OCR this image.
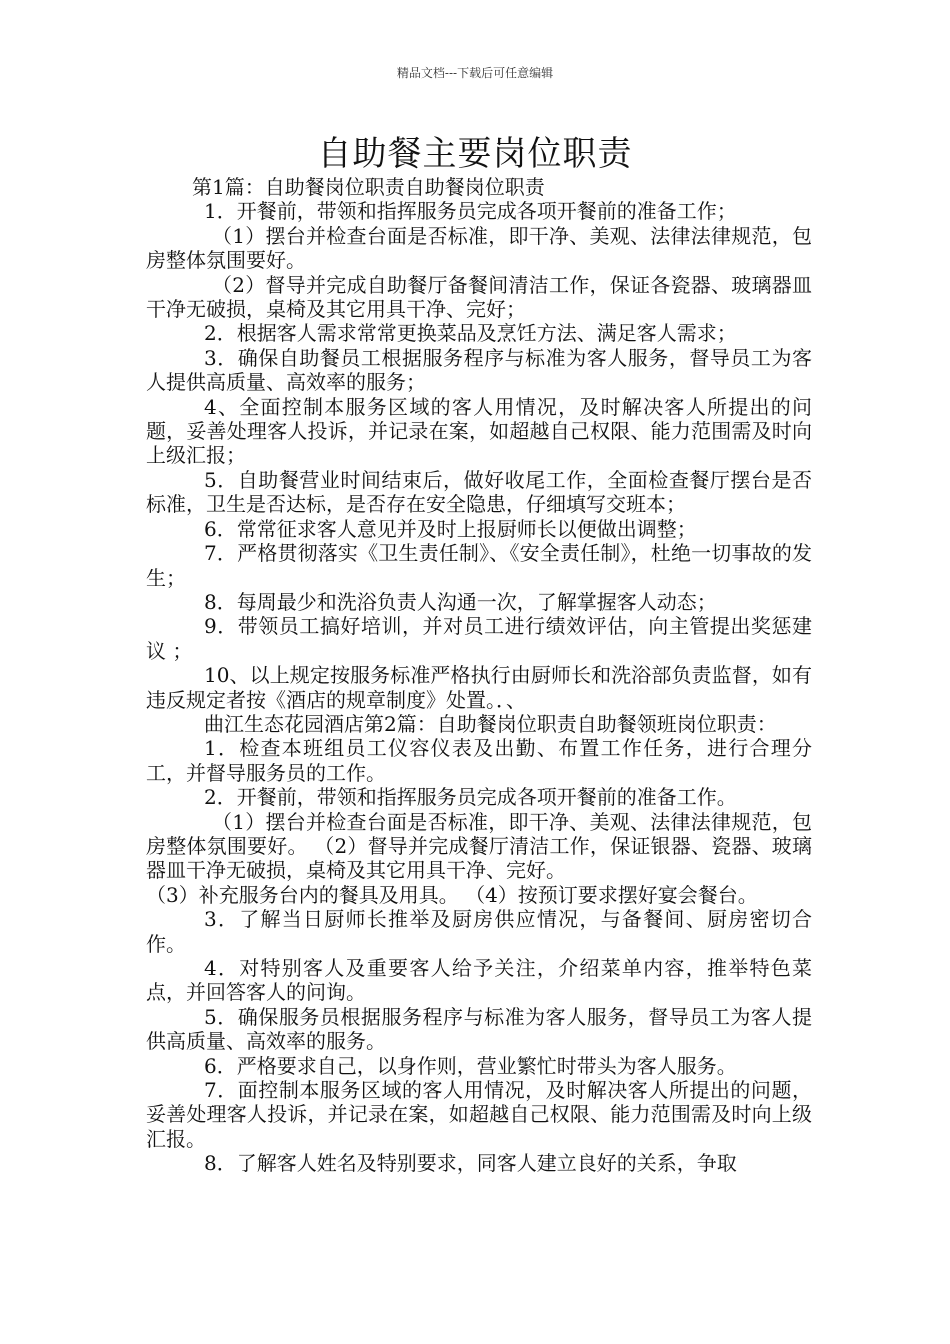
精品文档---下载后可任意编辑
自助餐主要岗位职责

第1篇：自助餐岗位职责自助餐岗位职责

1．开餐前，带领和指挥服务员完成各项开餐前的准备工作；

（1）摆台并检查台面是否标准，即干净、美观、法律法律规范，包房整体氛围要好。

（2）督导并完成自助餐厅备餐间清洁工作，保证各瓷器、玻璃器皿干净无破损，桌椅及其它用具干净、完好；

2．根据客人需求常常更换菜品及烹饪方法、满足客人需求；

3．确保自助餐员工根据服务程序与标准为客人服务，督导员工为客人提供高质量、高效率的服务；

4、全面控制本服务区域的客人用情况，及时解决客人所提出的问题，妥善处理客人投诉，并记录在案，如超越自己权限、能力范围需及时向上级汇报；

5．自助餐营业时间结束后，做好收尾工作，全面检查餐厅摆台是否标准，卫生是否达标，是否存在安全隐患，仔细填写交班本；

6．常常征求客人意见并及时上报厨师长以便做出调整；

7．严格贯彻落实《卫生责任制》、《安全责任制》，杜绝一切事故的发生；

8．每周最少和洗浴负责人沟通一次，了解掌握客人动态；

9．带领员工搞好培训，并对员工进行绩效评估，向主管提出奖惩建议 ；

10、以上规定按服务标准严格执行由厨师长和洗浴部负责监督，如有违反规定者按《酒店的规章制度》处置。．、

曲江生态花园酒店第2篇：自助餐岗位职责自助餐领班岗位职责：

1．检查本班组员工仪容仪表及出勤、布置工作任务，进行合理分工，并督导服务员的工作。

2．开餐前，带领和指挥服务员完成各项开餐前的准备工作。

（1）摆台并检查台面是否标准，即干净、美观、法律法律规范，包房整体氛围要好。 （2）督导并完成餐厅清洁工作，保证银器、瓷器、玻璃器皿干净无破损，桌椅及其它用具干净、完好。

（3）补充服务台内的餐具及用具。 （4）按预订要求摆好宴会餐台。

3．了解当日厨师长推举及厨房供应情况，与备餐间、厨房密切合作。

4．对特别客人及重要客人给予关注，介绍菜单内容，推举特色菜点，并回答客人的问询。

5．确保服务员根据服务程序与标准为客人服务，督导员工为客人提供高质量、高效率的服务。

6．严格要求自己，以身作则，营业繁忙时带头为客人服务。

7．面控制本服务区域的客人用情况，及时解决客人所提出的问题，妥善处理客人投诉，并记录在案，如超越自己权限、能力范围需及时向上级汇报。

8．了解客人姓名及特别要求，同客人建立良好的关系，争取
